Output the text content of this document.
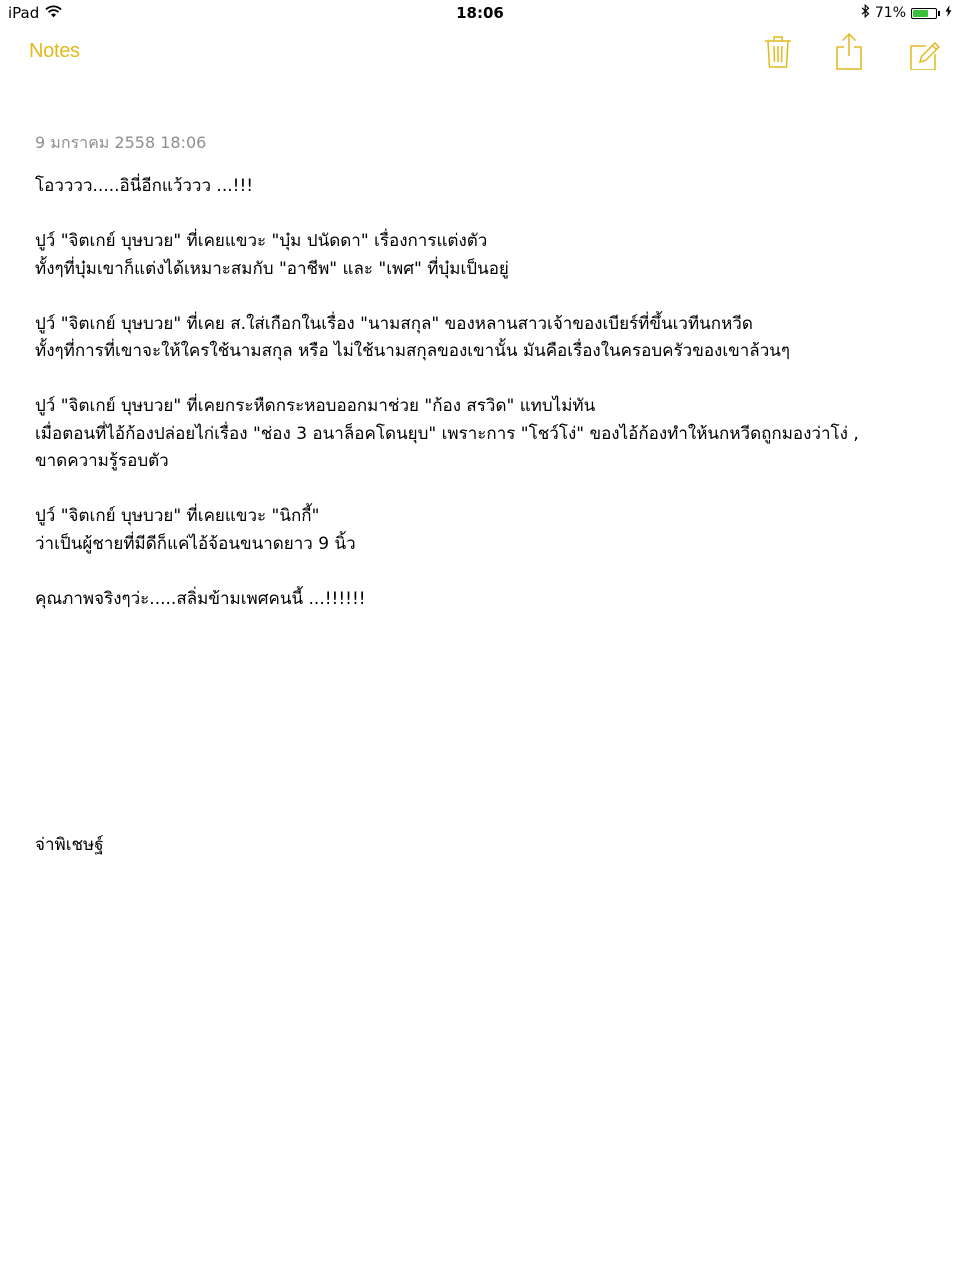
iPad	18:06	71%
Notes
9 มกราคม 2558 18:06
โอวววว.....อินี่อีกแว้ววว ...!!!
ปูว์ "จิตเกย์ บุษบวย" ที่เคยแขวะ "บุ๋ม ปนัดดา" เรื่องการแต่งตัว
ทั้งๆที่บุ๋มเขาก็แต่งได้เหมาะสมกับ "อาชีพ" และ "เพศ" ที่บุ๋มเป็นอยู่
ปูว์ "จิตเกย์ บุษบวย" ที่เคย ส.ใส่เกือกในเรื่อง "นามสกุล" ของหลานสาวเจ้าของเบียร์ที่ขึ้นเวทีนกหวีด
ทั้งๆที่การที่เขาจะให้ใครใช้นามสกุล หรือ ไม่ใช้นามสกุลของเขานั้น มันคือเรื่องในครอบครัวของเขาล้วนๆ
ปูว์ "จิตเกย์ บุษบวย" ที่เคยกระหืดกระหอบออกมาช่วย "ก้อง สรวิด" แทบไม่ทัน
เมื่อตอนที่ไอ้ก้องปล่อยไก่เรื่อง "ช่อง 3 อนาล็อคโดนยุบ" เพราะการ "โชว์โง่" ของไอ้ก้องทำให้นกหวีดถูกมองว่าโง่ ,
ขาดความรู้รอบตัว
ปูว์ "จิตเกย์ บุษบวย" ที่เคยแขวะ "นิกกี้"
ว่าเป็นผู้ชายที่มีดีก็แค่ไอ้จ้อนขนาดยาว 9 นิ้ว
คุณภาพจริงๆว่ะ.....สลิ่มข้ามเพศคนนี้ ...!!!!!!
จ่าพิเชษฐ์
